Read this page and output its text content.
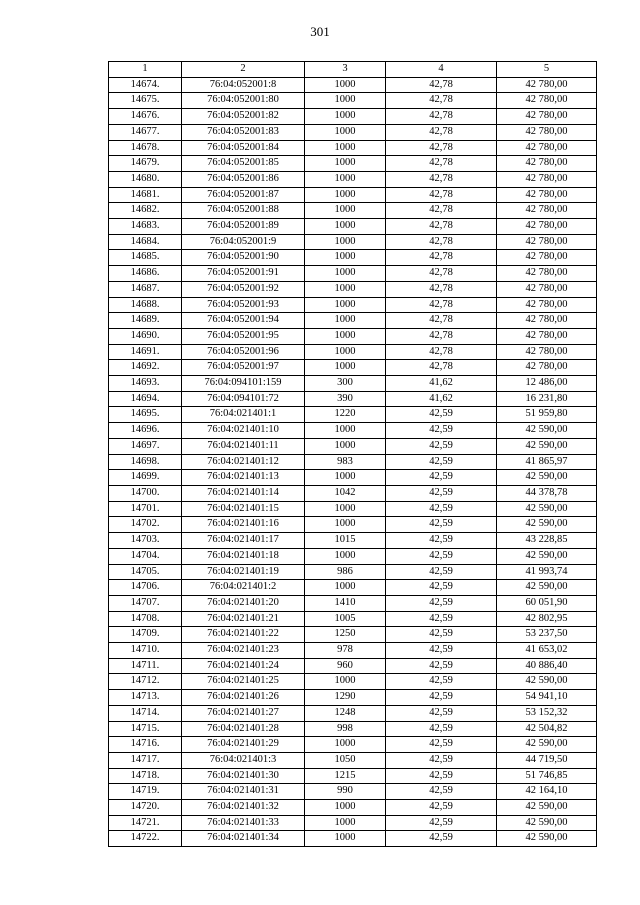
301
1	2	3	4	5
14674.	76:04:052001:8	1000	42,78	42 780,00
14675.	76:04:052001:80	1000	42,78	42 780,00
14676.	76:04:052001:82	1000	42,78	42 780,00
14677.	76:04:052001:83	1000	42,78	42 780,00
14678.	76:04:052001:84	1000	42,78	42 780,00
14679.	76:04:052001:85	1000	42,78	42 780,00
14680.	76:04:052001:86	1000	42,78	42 780,00
14681.	76:04:052001:87	1000	42,78	42 780,00
14682.	76:04:052001:88	1000	42,78	42 780,00
14683.	76:04:052001:89	1000	42,78	42 780,00
14684.	76:04:052001:9	1000	42,78	42 780,00
14685.	76:04:052001:90	1000	42,78	42 780,00
14686.	76:04:052001:91	1000	42,78	42 780,00
14687.	76:04:052001:92	1000	42,78	42 780,00
14688.	76:04:052001:93	1000	42,78	42 780,00
14689.	76:04:052001:94	1000	42,78	42 780,00
14690.	76:04:052001:95	1000	42,78	42 780,00
14691.	76:04:052001:96	1000	42,78	42 780,00
14692.	76:04:052001:97	1000	42,78	42 780,00
14693.	76:04:094101:159	300	41,62	12 486,00
14694.	76:04:094101:72	390	41,62	16 231,80
14695.	76:04:021401:1	1220	42,59	51 959,80
14696.	76:04:021401:10	1000	42,59	42 590,00
14697.	76:04:021401:11	1000	42,59	42 590,00
14698.	76:04:021401:12	983	42,59	41 865,97
14699.	76:04:021401:13	1000	42,59	42 590,00
14700.	76:04:021401:14	1042	42,59	44 378,78
14701.	76:04:021401:15	1000	42,59	42 590,00
14702.	76:04:021401:16	1000	42,59	42 590,00
14703.	76:04:021401:17	1015	42,59	43 228,85
14704.	76:04:021401:18	1000	42,59	42 590,00
14705.	76:04:021401:19	986	42,59	41 993,74
14706.	76:04:021401:2	1000	42,59	42 590,00
14707.	76:04:021401:20	1410	42,59	60 051,90
14708.	76:04:021401:21	1005	42,59	42 802,95
14709.	76:04:021401:22	1250	42,59	53 237,50
14710.	76:04:021401:23	978	42,59	41 653,02
14711.	76:04:021401:24	960	42,59	40 886,40
14712.	76:04:021401:25	1000	42,59	42 590,00
14713.	76:04:021401:26	1290	42,59	54 941,10
14714.	76:04:021401:27	1248	42,59	53 152,32
14715.	76:04:021401:28	998	42,59	42 504,82
14716.	76:04:021401:29	1000	42,59	42 590,00
14717.	76:04:021401:3	1050	42,59	44 719,50
14718.	76:04:021401:30	1215	42,59	51 746,85
14719.	76:04:021401:31	990	42,59	42 164,10
14720.	76:04:021401:32	1000	42,59	42 590,00
14721.	76:04:021401:33	1000	42,59	42 590,00
14722.	76:04:021401:34	1000	42,59	42 590,00
